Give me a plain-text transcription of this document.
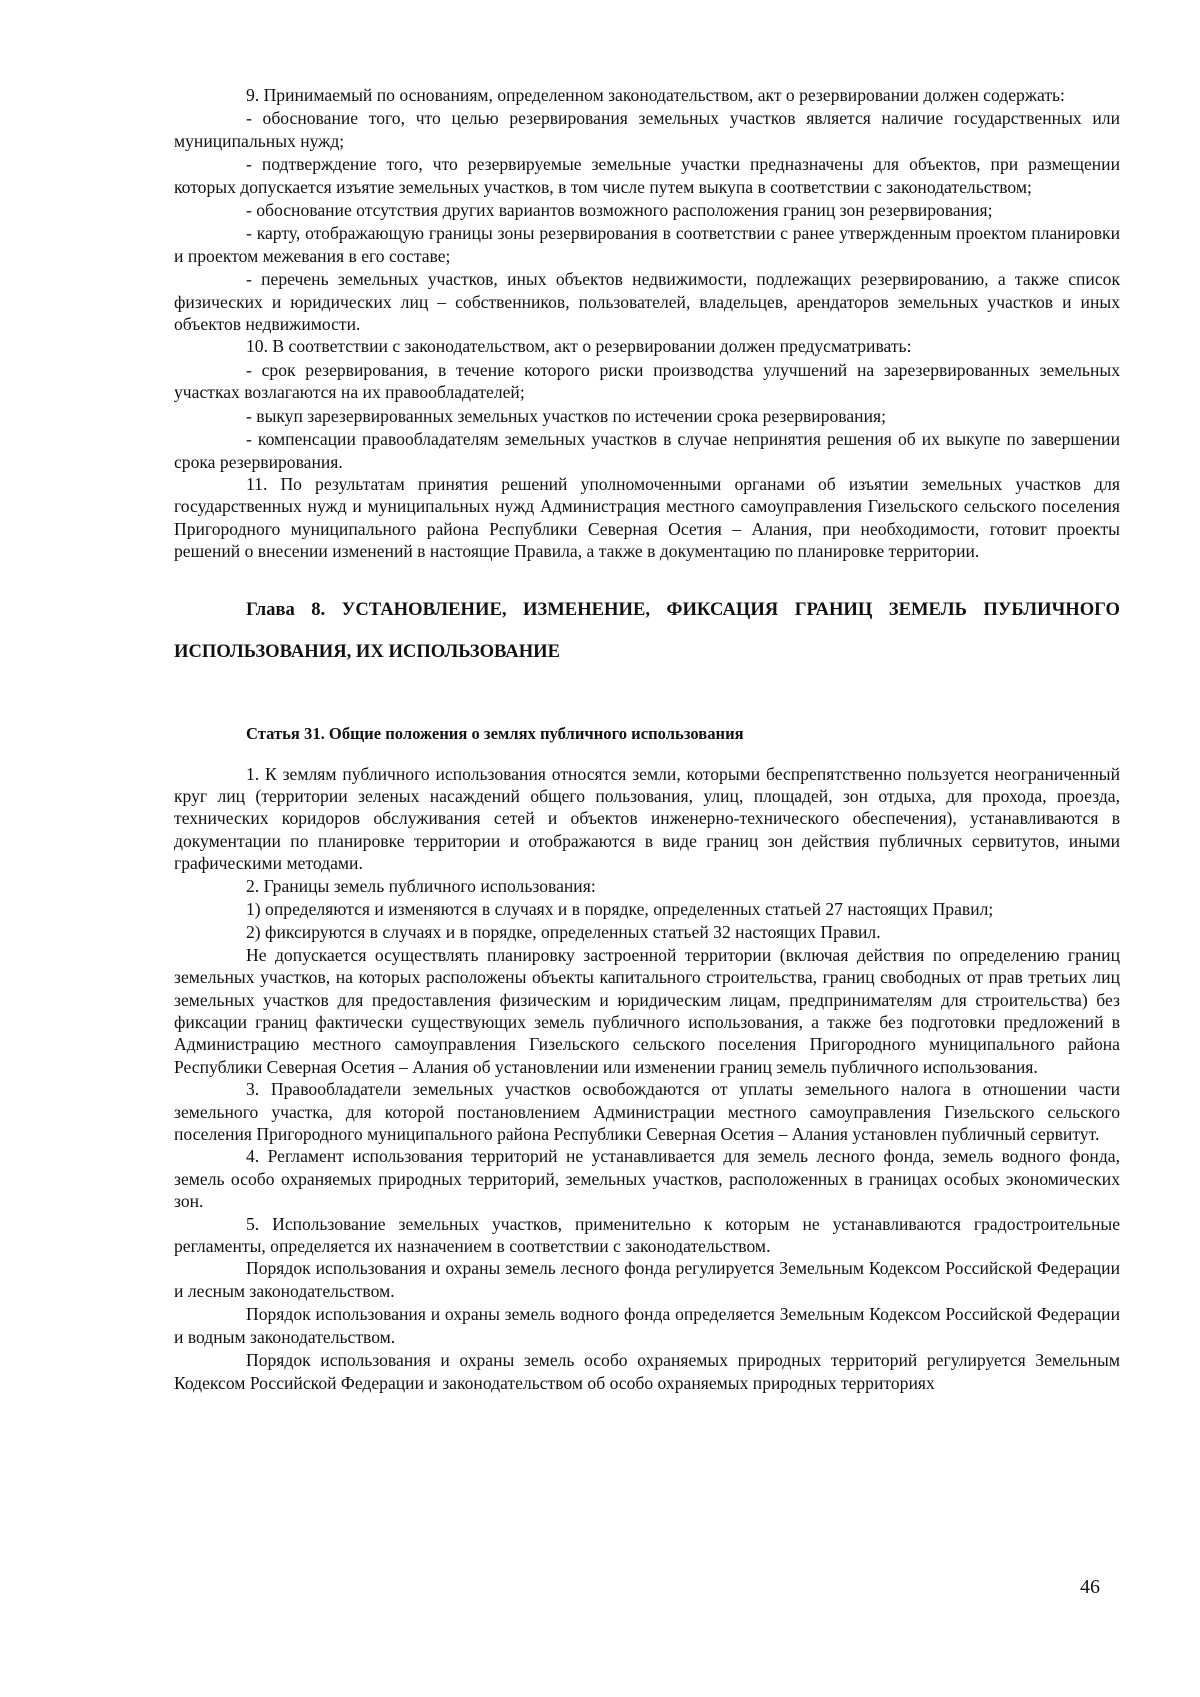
9. Принимаемый по основаниям, определенном законодательством, акт о резервировании должен содержать:

- обоснование того, что целью резервирования земельных участков является наличие государственных или муниципальных нужд;

- подтверждение того, что резервируемые земельные участки предназначены для объектов, при размещении которых допускается изъятие земельных участков, в том числе путем выкупа в соответствии с законодательством;

- обоснование отсутствия других вариантов возможного расположения границ зон резервирования;

- карту, отображающую границы зоны резервирования в соответствии с ранее утвержденным проектом планировки и проектом межевания в его составе;

- перечень земельных участков, иных объектов недвижимости, подлежащих резервированию, а также список физических и юридических лиц – собственников, пользователей, владельцев, арендаторов земельных участков и иных объектов недвижимости.

10. В соответствии с законодательством, акт о резервировании должен предусматривать:

- срок резервирования, в течение которого риски производства улучшений на зарезервированных земельных участках возлагаются на их правообладателей;

- выкуп зарезервированных земельных участков по истечении срока резервирования;

- компенсации правообладателям земельных участков в случае непринятия решения об их выкупе по завершении срока резервирования.

11. По результатам принятия решений уполномоченными органами об изъятии земельных участков для государственных нужд и муниципальных нужд Администрация местного самоуправления Гизельского сельского поселения Пригородного муниципального района Республики Северная Осетия – Алания, при необходимости, готовит проекты решений о внесении изменений в настоящие Правила, а также в документацию по планировке территории.

Глава 8. УСТАНОВЛЕНИЕ, ИЗМЕНЕНИЕ, ФИКСАЦИЯ ГРАНИЦ ЗЕМЕЛЬ ПУБЛИЧНОГО ИСПОЛЬЗОВАНИЯ, ИХ ИСПОЛЬЗОВАНИЕ
Статья 31. Общие положения о землях публичного использования

1. К землям публичного использования относятся земли, которыми беспрепятственно пользуется неограниченный круг лиц (территории зеленых насаждений общего пользования, улиц, площадей, зон отдыха, для прохода, проезда, технических коридоров обслуживания сетей и объектов инженерно-технического обеспечения), устанавливаются в документации по планировке территории и отображаются в виде границ зон действия публичных сервитутов, иными графическими методами.

2. Границы земель публичного использования:

1) определяются и изменяются в случаях и в порядке, определенных статьей 27 настоящих Правил;

2) фиксируются в случаях и в порядке, определенных статьей 32 настоящих Правил.

Не допускается осуществлять планировку застроенной территории (включая действия по определению границ земельных участков, на которых расположены объекты капитального строительства, границ свободных от прав третьих лиц земельных участков для предоставления физическим и юридическим лицам, предпринимателям для строительства) без фиксации границ фактически существующих земель публичного использования, а также без подготовки предложений в Администрацию местного самоуправления Гизельского сельского поселения Пригородного муниципального района Республики Северная Осетия – Алания об установлении или изменении границ земель публичного использования.

3. Правообладатели земельных участков освобождаются от уплаты земельного налога в отношении части земельного участка, для которой постановлением Администрации местного самоуправления Гизельского сельского поселения Пригородного муниципального района Республики Северная Осетия – Алания установлен публичный сервитут.

4. Регламент использования территорий не устанавливается для земель лесного фонда, земель водного фонда, земель особо охраняемых природных территорий, земельных участков, расположенных в границах особых экономических зон.

5. Использование земельных участков, применительно к которым не устанавливаются градостроительные регламенты, определяется их назначением в соответствии с законодательством.

Порядок использования и охраны земель лесного фонда регулируется Земельным Кодексом Российской Федерации и лесным законодательством.

Порядок использования и охраны земель водного фонда определяется Земельным Кодексом Российской Федерации и водным законодательством.

Порядок использования и охраны земель особо охраняемых природных территорий регулируется Земельным Кодексом Российской Федерации и законодательством об особо охраняемых природных территориях

46
